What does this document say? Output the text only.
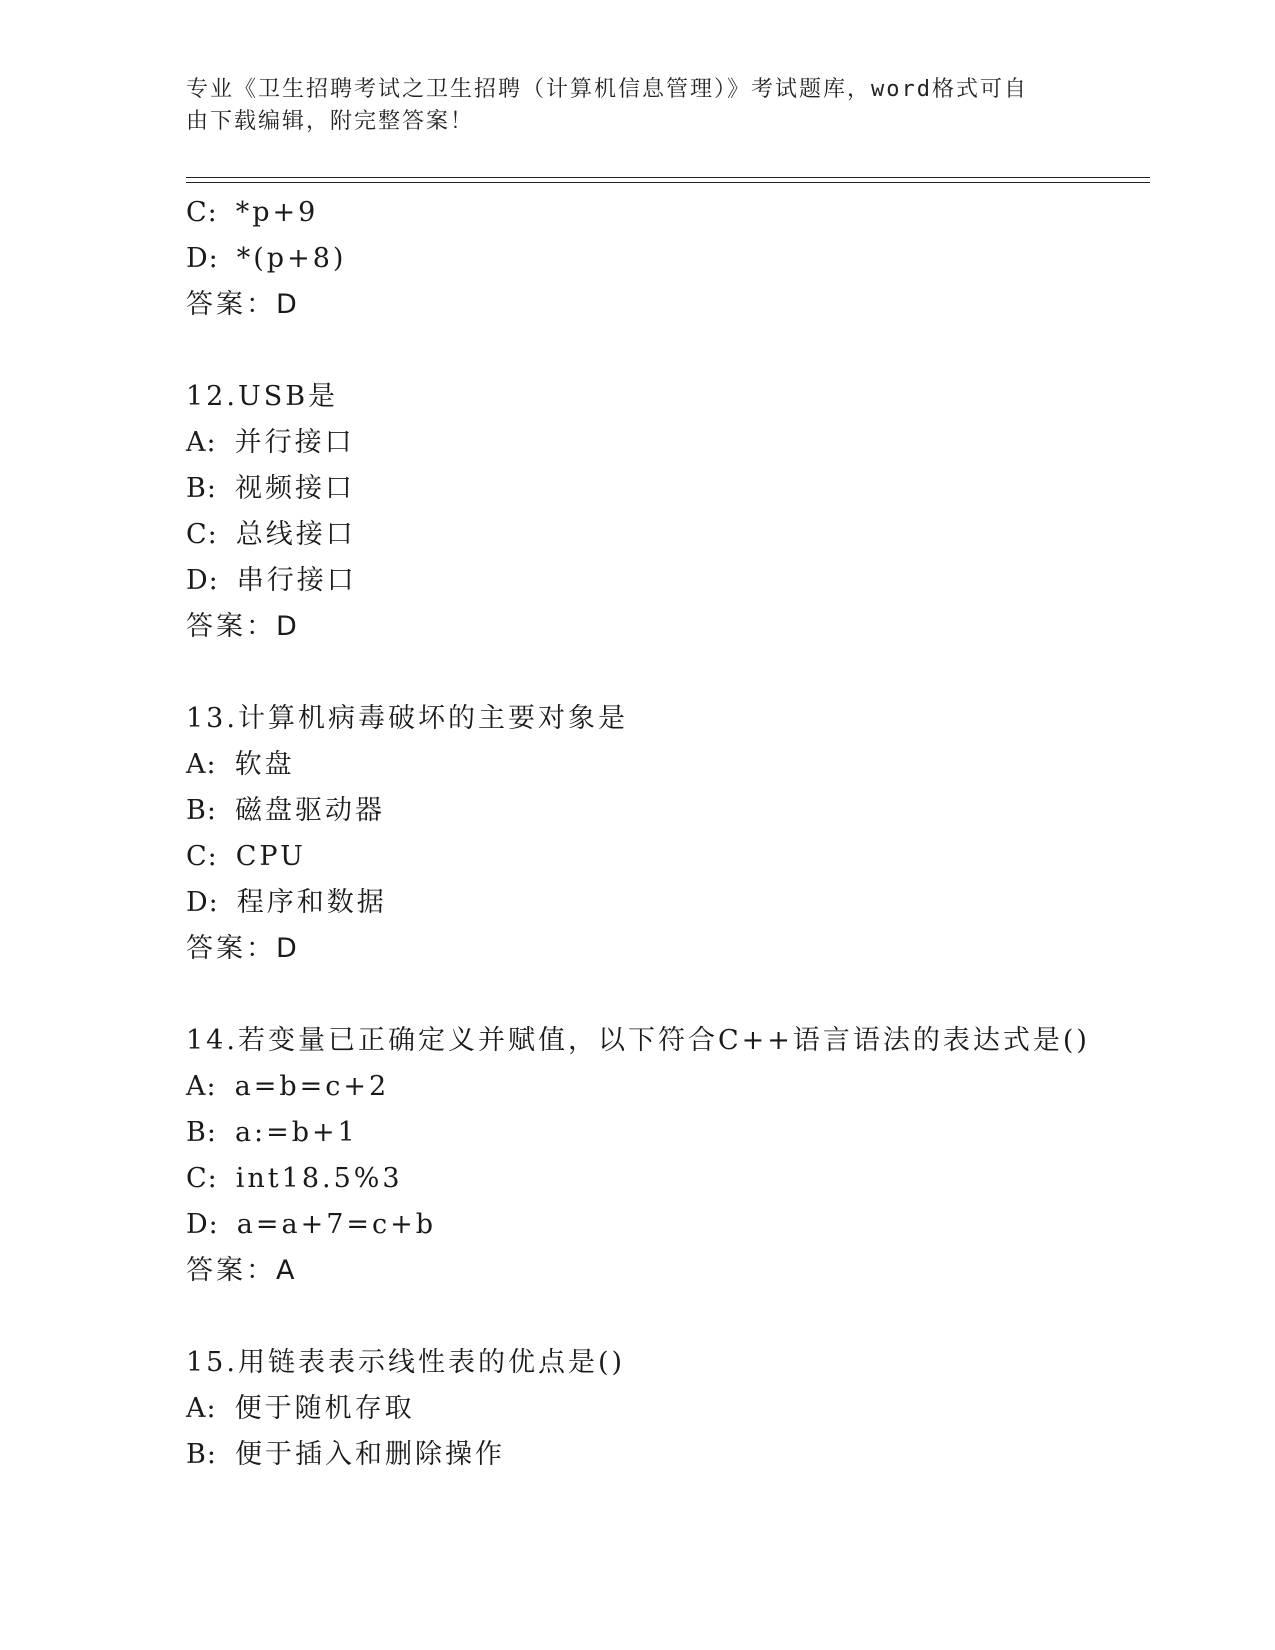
专业《卫生招聘考试之卫生招聘（计算机信息管理）》考试题库，word格式可自
由下载编辑，附完整答案！
C: *p+9
D: *(p+8)
答案：D
12.USB是
A: 并行接口
B: 视频接口
C: 总线接口
D: 串行接口
答案：D
13.计算机病毒破坏的主要对象是
A: 软盘
B: 磁盘驱动器
C: CPU
D: 程序和数据
答案：D
14.若变量已正确定义并赋值，以下符合C++语言语法的表达式是()
A: a=b=c+2
B: a:=b+1
C: int18.5%3
D: a=a+7=c+b
答案：A
15.用链表表示线性表的优点是()
A: 便于随机存取
B: 便于插入和删除操作
